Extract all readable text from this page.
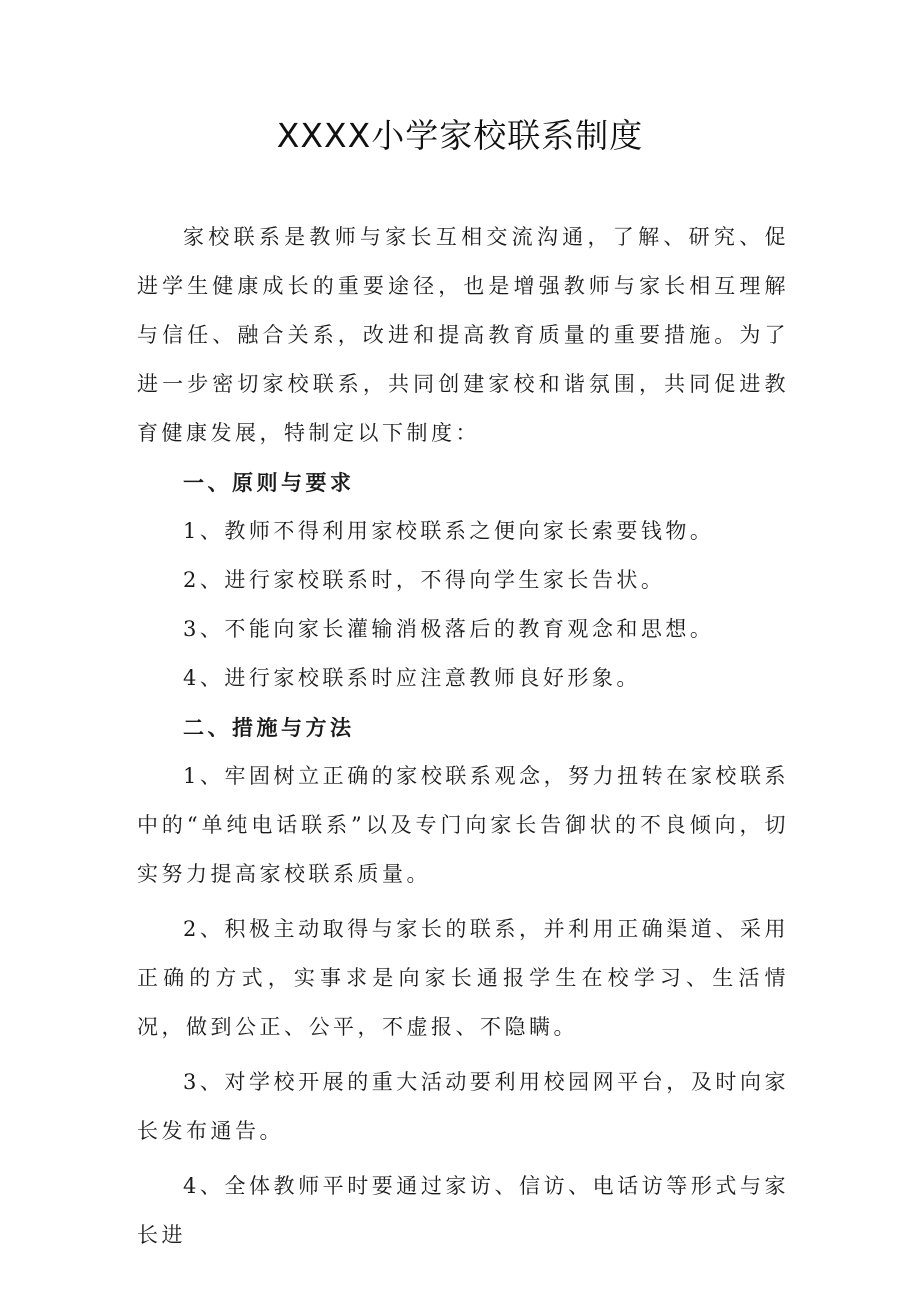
XXXX小学家校联系制度

家校联系是教师与家长互相交流沟通，了解、研究、促进学生健康成长的重要途径，也是增强教师与家长相互理解与信任、融合关系，改进和提高教育质量的重要措施。为了进一步密切家校联系，共同创建家校和谐氛围，共同促进教育健康发展，特制定以下制度：

一、原则与要求

1、教师不得利用家校联系之便向家长索要钱物。

2、进行家校联系时，不得向学生家长告状。

3、不能向家长灌输消极落后的教育观念和思想。

4、进行家校联系时应注意教师良好形象。

二、措施与方法

1、牢固树立正确的家校联系观念，努力扭转在家校联系中的“单纯电话联系”以及专门向家长告御状的不良倾向，切实努力提高家校联系质量。

2、积极主动取得与家长的联系，并利用正确渠道、采用正确的方式，实事求是向家长通报学生在校学习、生活情况，做到公正、公平，不虚报、不隐瞒。

3、对学校开展的重大活动要利用校园网平台，及时向家长发布通告。

4、全体教师平时要通过家访、信访、电话访等形式与家长进
